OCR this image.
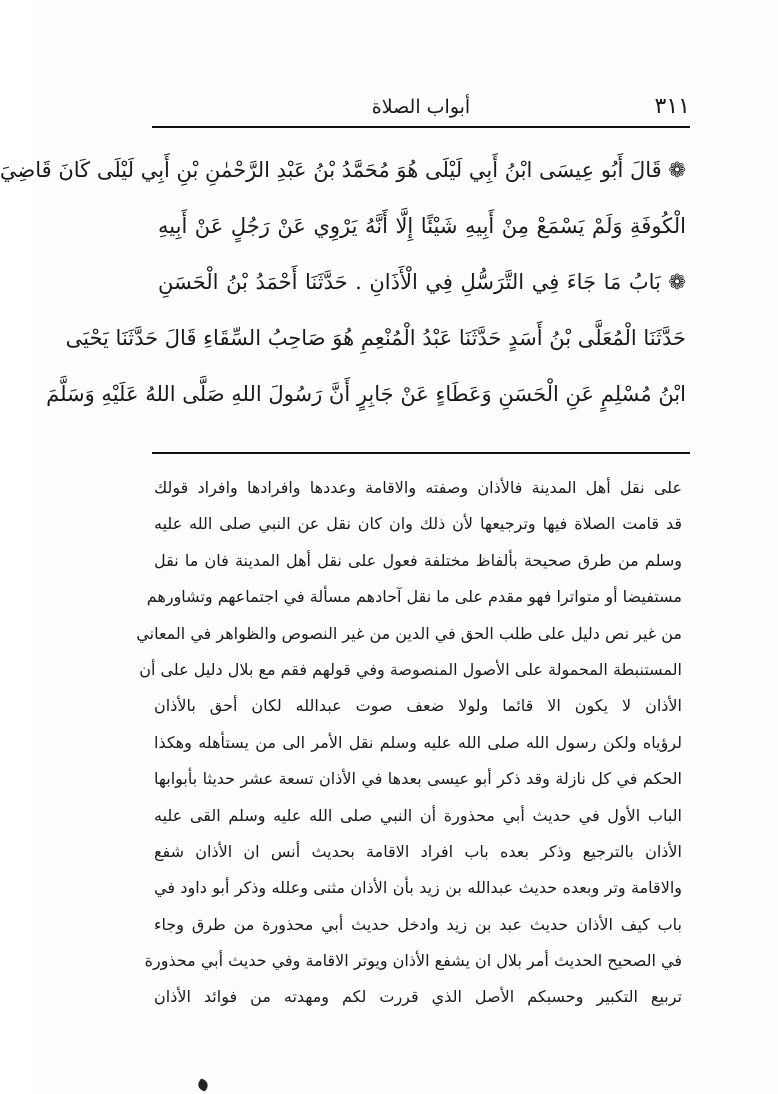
٣١١
أبواب الصلاة
❁ قَالَ أَبُو عِيسَى ابْنُ أَبِي لَيْلَى هُوَ مُحَمَّدُ بْنُ عَبْدِ الرَّحْمٰنِ بْنِ أَبِي لَيْلَى كَانَ قَاضِيَ
الْكُوفَةِ وَلَمْ يَسْمَعْ مِنْ أَبِيهِ شَيْئًا إِلَّا أَنَّهُ يَرْوِي عَنْ رَجُلٍ عَنْ أَبِيهِ
❁ بَابُ مَا جَاءَ فِي التَّرَسُّلِ فِي الْأَذَانِ . حَدَّثَنَا أَحْمَدُ بْنُ الْحَسَنِ
حَدَّثَنَا الْمُعَلَّى بْنُ أَسَدٍ حَدَّثَنَا عَبْدُ الْمُنْعِمِ هُوَ صَاحِبُ السِّقَاءِ قَالَ حَدَّثَنَا يَحْيَى
ابْنُ مُسْلِمٍ عَنِ الْحَسَنِ وَعَطَاءٍ عَنْ جَابِرٍ أَنَّ رَسُولَ اللهِ صَلَّى اللهُ عَلَيْهِ وَسَلَّمَ
على نقل أهل المدينة فالأذان وصفته والاقامة وعددها وافرادها وافراد قولك
قد قامت الصلاة فيها وترجيعها لأن ذلك وان كان نقل عن النبي صلى الله عليه
وسلم من طرق صحيحة بألفاظ مختلفة فعول على نقل أهل المدينة فان ما نقل
مستفيضا أو متواترا فهو مقدم على ما نقل آحادهم مسألة في اجتماعهم وتشاورهم
من غير نص دليل على طلب الحق في الدين من غير النصوص والظواهر في المعاني
المستنبطة المحمولة على الأصول المنصوصة وفي قولهم فقم مع بلال دليل على أن
الأذان لا يكون الا قائما ولولا ضعف صوت عبدالله لكان أحق بالأذان
لرؤياه ولكن رسول الله صلى الله عليه وسلم نقل الأمر الى من يستأهله وهكذا
الحكم في كل نازلة وقد ذكر أبو عيسى بعدها في الأذان تسعة عشر حديثا بأبوابها
الباب الأول في حديث أبي محذورة أن النبي صلى الله عليه وسلم القى عليه
الأذان بالترجيع وذكر بعده باب افراد الاقامة بحديث أنس ان الأذان شفع
والاقامة وتر وبعده حديث عبدالله بن زيد بأن الأذان مثنى وعلله وذكر أبو داود في
باب كيف الأذان حديث عبد بن زيد وادخل حديث أبي محذورة من طرق وجاء
في الصحيح الحديث أمر بلال ان يشفع الأذان ويوتر الاقامة وفي حديث أبي محذورة
تربيع التكبير وحسبكم الأصل الذي قررت لكم ومهدته من فوائد الأذان
